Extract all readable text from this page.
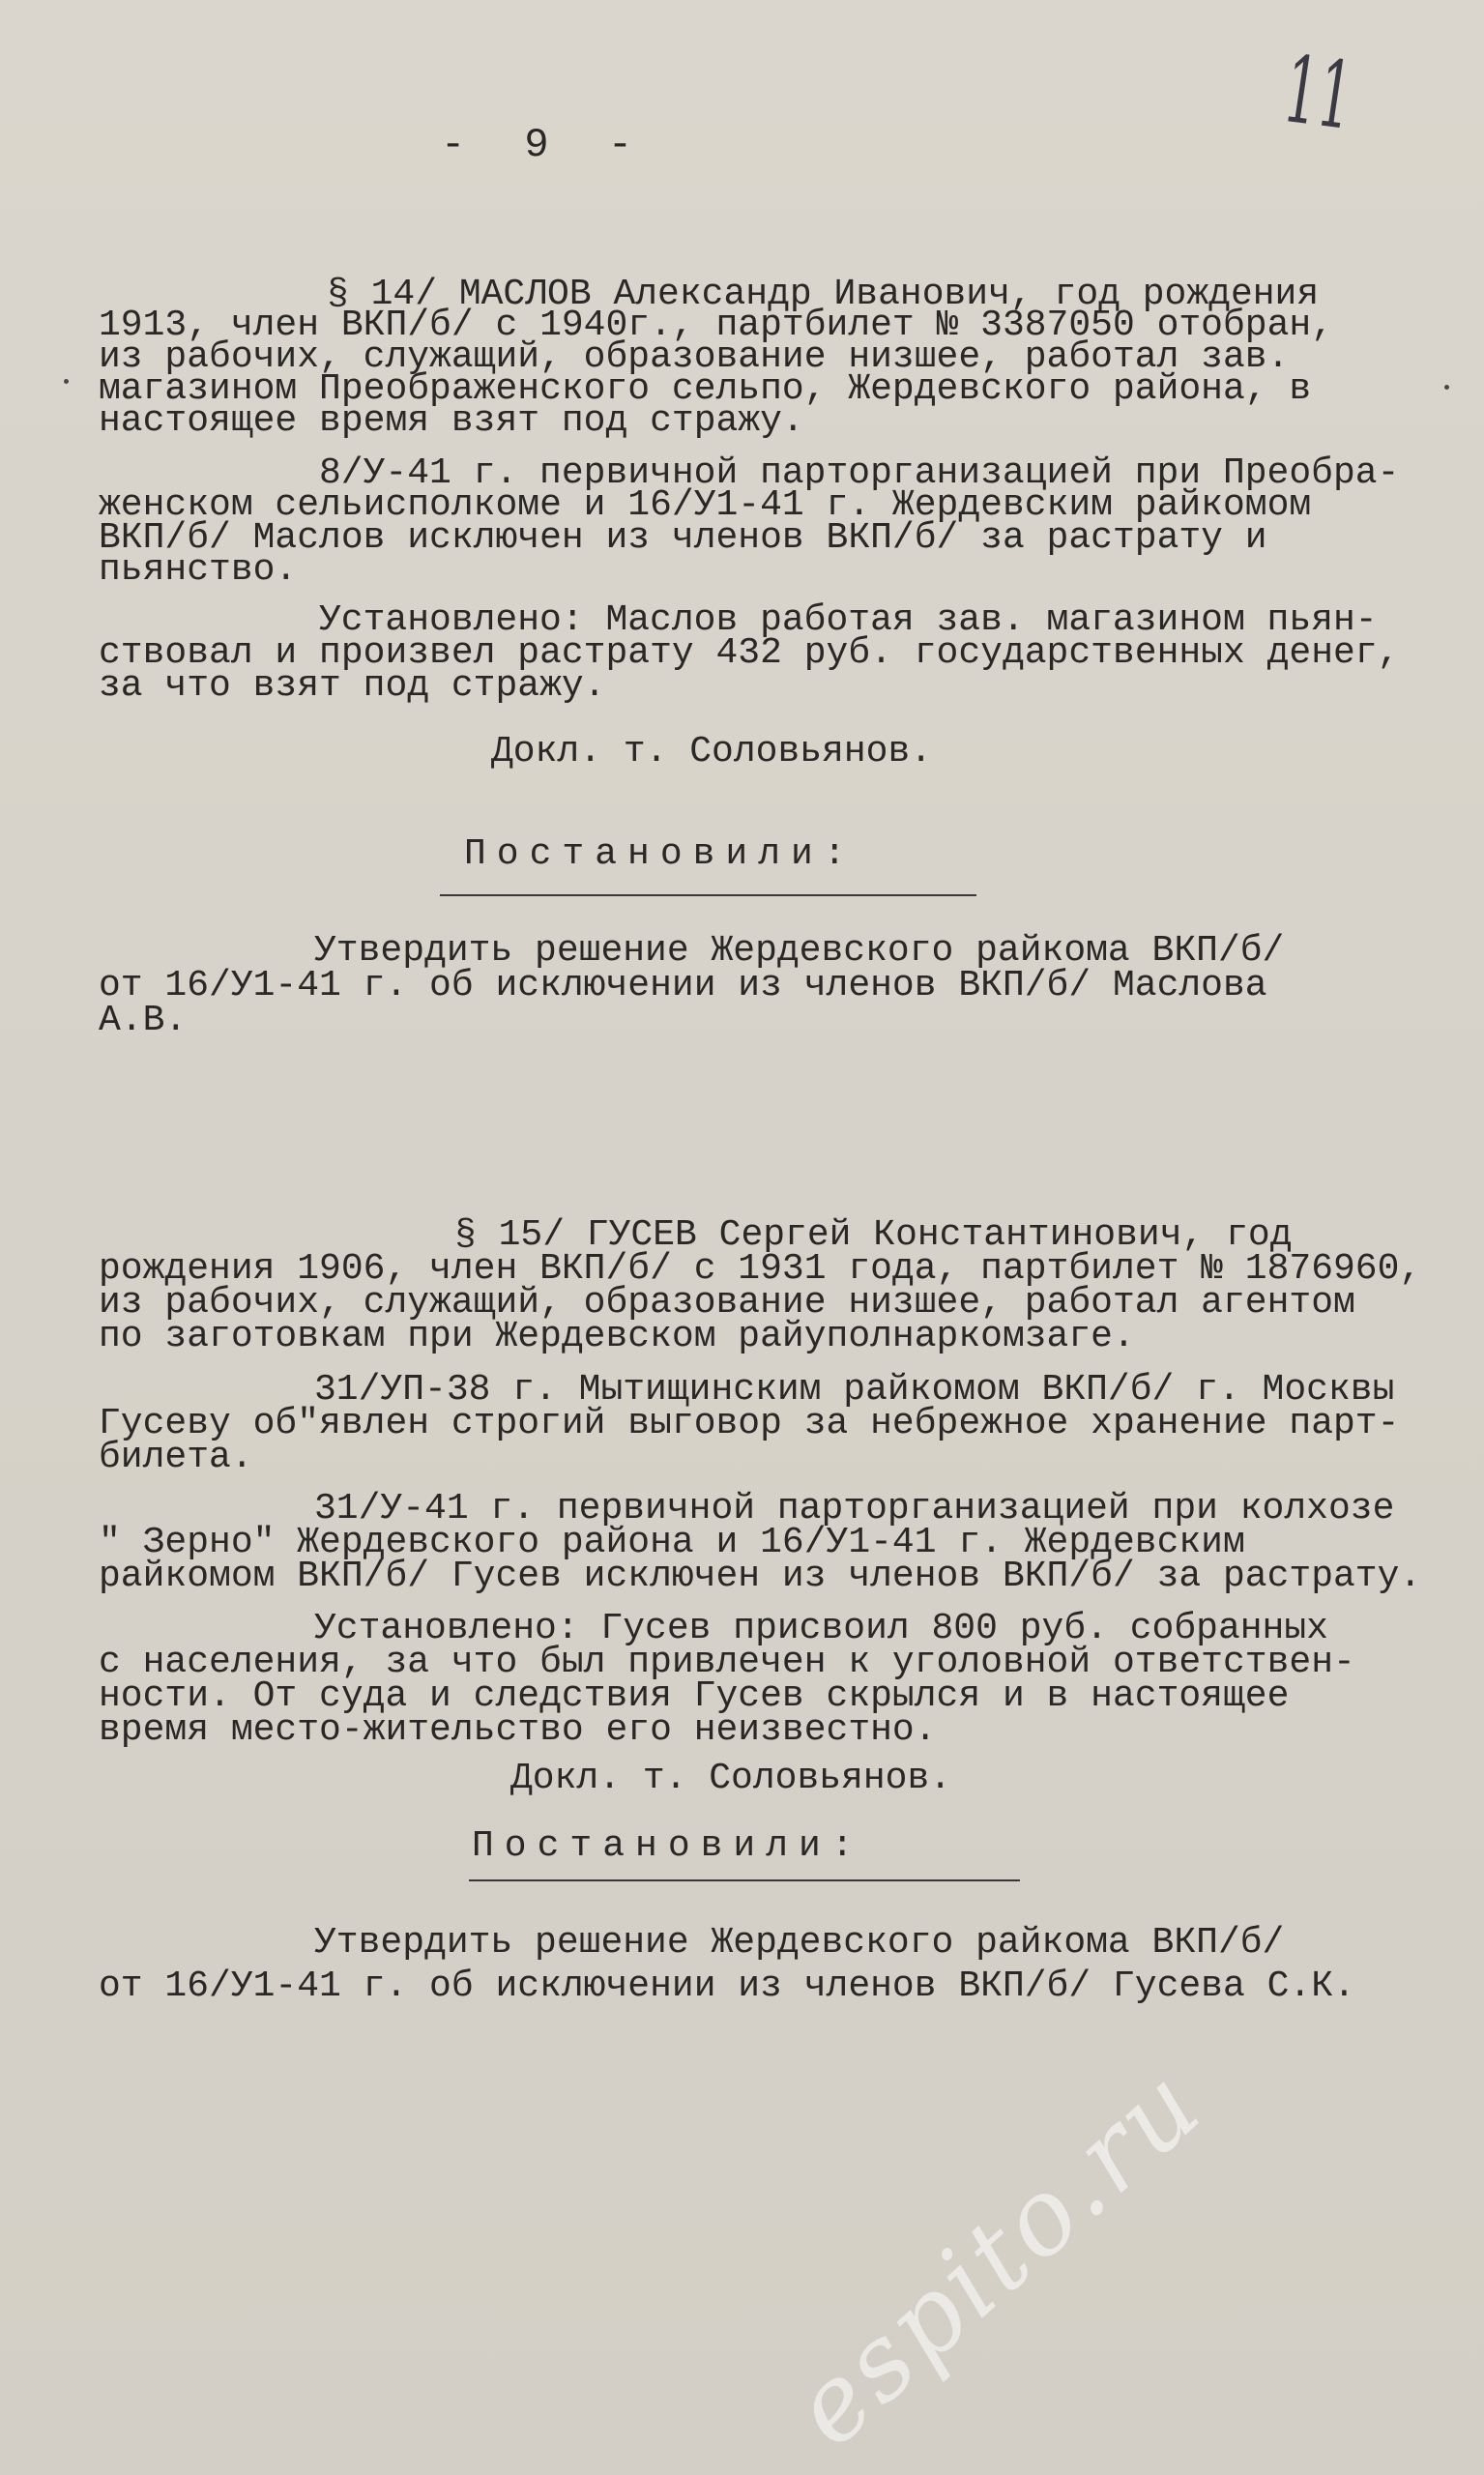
11
- 9 -
§ 14/ МАСЛОВ Александр Иванович, год рождения
1913, член ВКП/б/ с 1940г., партбилет № 3387050 отобран,
из рабочих, служащий, образование низшее, работал зав.
магазином Преображенского сельпо, Жердевского района, в
настоящее время взят под стражу.
8/У-41 г. первичной парторганизацией при Преобра-
женском сельисполкоме и 16/У1-41 г. Жердевским райкомом
ВКП/б/ Маслов исключен из членов ВКП/б/ за растрату и
пьянство.
Установлено: Маслов работая зав. магазином пьян-
ствовал и произвел растрату 432 руб. государственных денег,
за что взят под стражу.
Докл. т. Соловьянов.
Постановили:
Утвердить решение Жердевского райкома ВКП/б/
от 16/У1-41 г. об исключении из членов ВКП/б/ Маслова
А.В.
§ 15/ ГУСЕВ Сергей Константинович, год
рождения 1906, член ВКП/б/ с 1931 года, партбилет № 1876960,
из рабочих, служащий, образование низшее, работал агентом
по заготовкам при Жердевском райуполнаркомзаге.
31/УП-38 г. Мытищинским райкомом ВКП/б/ г. Москвы
Гусеву об"явлен строгий выговор за небрежное хранение парт-
билета.
31/У-41 г. первичной парторганизацией при колхозе
" Зерно" Жердевского района и 16/У1-41 г. Жердевским
райкомом ВКП/б/ Гусев исключен из членов ВКП/б/ за растрату.
Установлено: Гусев присвоил 800 руб. собранных
с населения, за что был привлечен к уголовной ответствен-
ности. От суда и следствия Гусев скрылся и в настоящее
время место-жительство его неизвестно.
Докл. т. Соловьянов.
Постановили:
Утвердить решение Жердевского райкома ВКП/б/
от 16/У1-41 г. об исключении из членов ВКП/б/ Гусева С.К.
espito.ru
